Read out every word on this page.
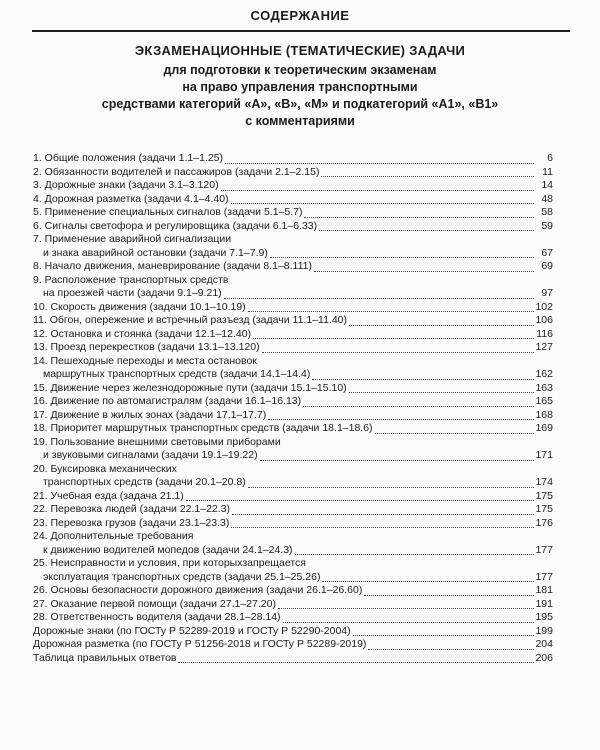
СОДЕРЖАНИЕ
ЭКЗАМЕНАЦИОННЫЕ (ТЕМАТИЧЕСКИЕ) ЗАДАЧИ
для подготовки к теоретическим экзаменам
на право управления транспортными
средствами категорий «A», «B», «M» и подкатегорий «A1», «B1»
с комментариями
1. Общие положения (задачи 1.1–1.25)	6
2. Обязанности водителей и пассажиров (задачи 2.1–2.15)	11
3. Дорожные знаки (задачи 3.1–3.120)	14
4. Дорожная разметка (задачи 4.1–4.40)	48
5. Применение специальных сигналов (задачи 5.1–5.7)	58
6. Сигналы светофора и регулировщика (задачи 6.1–6.33)	59
7. Применение аварийной сигнализации
и знака аварийной остановки (задачи 7.1–7.9)	67
8. Начало движения, маневрирование (задачи 8.1–8.111)	69
9. Расположение транспортных средств
на проезжей части (задачи 9.1–9.21)	97
10. Скорость движения (задачи 10.1–10.19)	102
11. Обгон, опережение и встречный разъезд (задачи 11.1–11.40)	106
12. Остановка и стоянка (задачи 12.1–12.40)	116
13. Проезд перекрестков (задачи 13.1–13.120)	127
14. Пешеходные переходы и места остановок
маршрутных транспортных средств (задачи 14.1–14.4)	162
15. Движение через железнодорожные пути (задачи 15.1–15.10)	163
16. Движение по автомагистралям (задачи 16.1–16.13)	165
17. Движение в жилых зонах (задачи 17.1–17.7)	168
18. Приоритет маршрутных транспортных средств (задачи 18.1–18.6)	169
19. Пользование внешними световыми приборами
и звуковыми сигналами (задачи 19.1–19.22)	171
20. Буксировка механических
транспортных средств (задачи 20.1–20.8)	174
21. Учебная езда (задача 21.1)	175
22. Перевозка людей (задачи 22.1–22.3)	175
23. Перевозка грузов (задачи 23.1–23.3)	176
24. Дополнительные требования
к движению водителей мопедов (задачи 24.1–24.3)	177
25. Неисправности и условия, при которыхзапрещается
эксплуатация транспортных средств (задачи 25.1–25.26)	177
26. Основы безопасности дорожного движения (задачи 26.1–26.60)	181
27. Оказание первой помощи (задачи 27.1–27.20)	191
28. Ответственность водителя (задачи 28.1–28.14)	195
Дорожные знаки (по ГОСТу Р 52289-2019 и ГОСТу Р 52290-2004)	199
Дорожная разметка (по ГОСТу Р 51256-2018 и ГОСТу Р 52289-2019)	204
Таблица правильных ответов	206
